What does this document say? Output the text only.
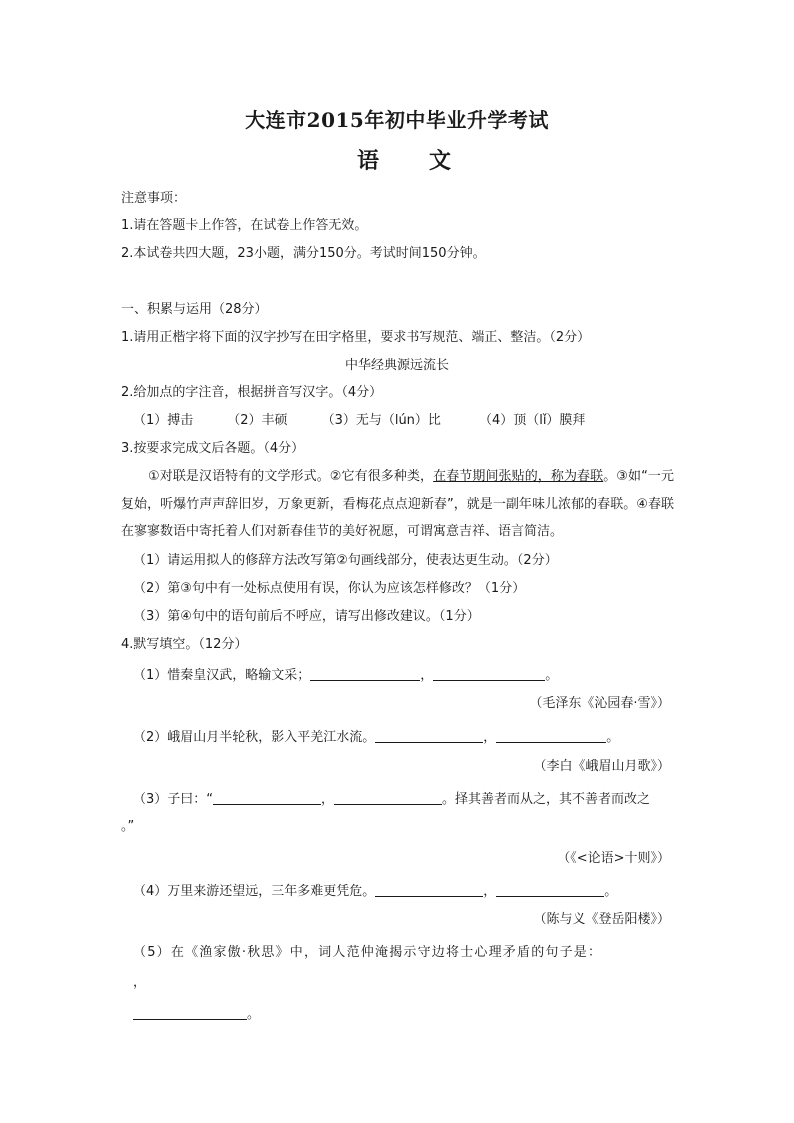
大连市2015年初中毕业升学考试
语　文
注意事项：
1.请在答题卡上作答，在试卷上作答无效。
2.本试卷共四大题，23小题，满分150分。考试时间150分钟。
一、积累与运用（28分）
1.请用正楷字将下面的汉字抄写在田字格里，要求书写规范、端正、整洁。（2分）
中华经典源远流长
2.给加点的字注音，根据拼音写汉字。（4分）
（1）搏击	（2）丰硕	（3）无与（lún）比	（4）顶（lǐ）膜拜
3.按要求完成文后各题。（4分）
①对联是汉语特有的文学形式。②它有很多种类，在春节期间张贴的，称为春联。③如“一元复始，听爆竹声声辞旧岁，万象更新，看梅花点点迎新春”，就是一副年味儿浓郁的春联。④春联在寥寥数语中寄托着人们对新春佳节的美好祝愿，可谓寓意吉祥、语言简洁。
（1）请运用拟人的修辞方法改写第②句画线部分，使表达更生动。（2分）
（2）第③句中有一处标点使用有误，你认为应该怎样修改？（1分）
（3）第④句中的语句前后不呼应，请写出修改建议。（1分）
4.默写填空。（12分）
（1）惜秦皇汉武，略输文采；	，	。
（毛泽东《沁园春·雪》）
（2）峨眉山月半轮秋，影入平羌江水流。	，	。
（李白《峨眉山月歌》）
（3）子曰：“	，	。择其善者而从之，其不善者而改之
。”
（《<论语>十则》）
（4）万里来游还望远，三年多难更凭危。	，	。
（陈与义《登岳阳楼》）
（5）在《渔家傲·秋思》中，词人范仲淹揭示守边将士心理矛盾的句子是：
，
。
